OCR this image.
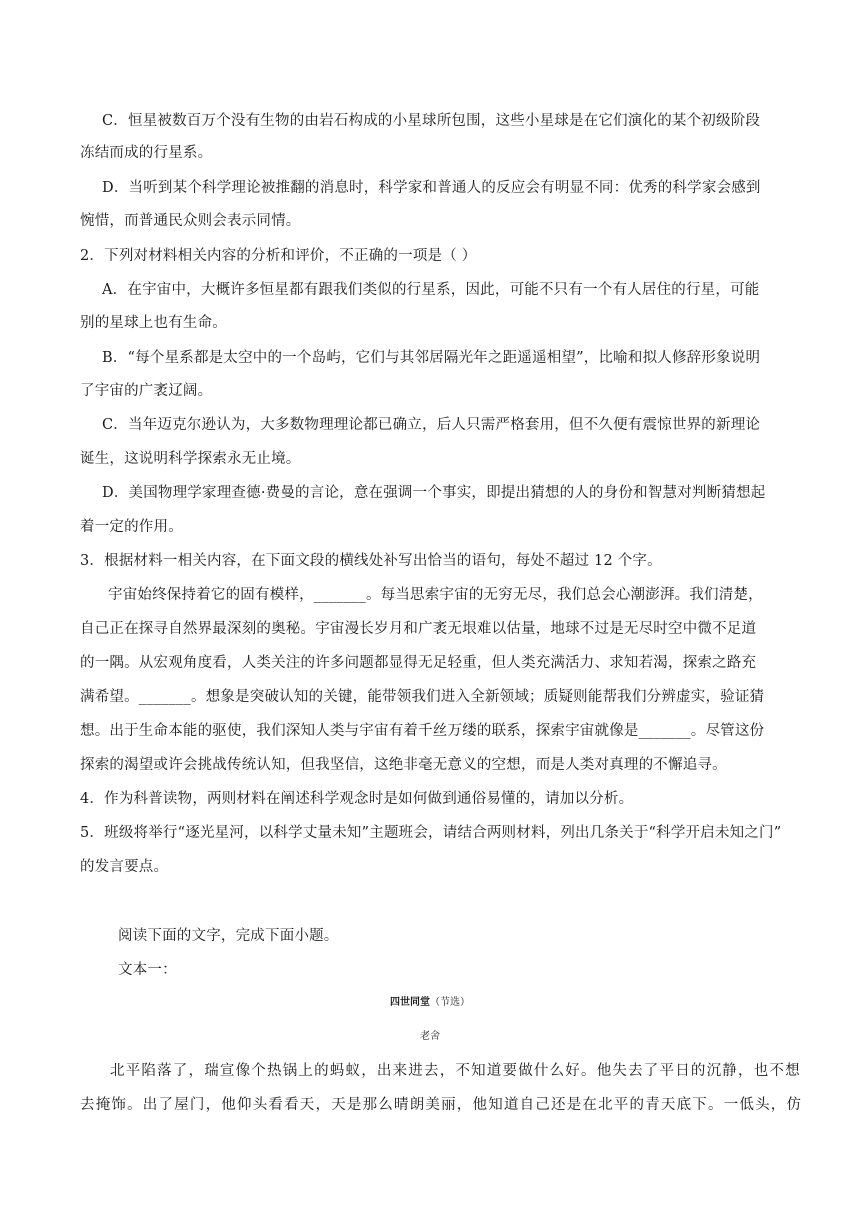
C．恒星被数百万个没有生物的由岩石构成的小星球所包围，这些小星球是在它们演化的某个初级阶段
冻结而成的行星系。
D．当听到某个科学理论被推翻的消息时，科学家和普通人的反应会有明显不同：优秀的科学家会感到
惋惜，而普通民众则会表示同情。
2．下列对材料相关内容的分析和评价，不正确的一项是（ ）
A．在宇宙中，大概许多恒星都有跟我们类似的行星系，因此，可能不只有一个有人居住的行星，可能
别的星球上也有生命。
B．“每个星系都是太空中的一个岛屿，它们与其邻居隔光年之距遥遥相望”，比喻和拟人修辞形象说明
了宇宙的广袤辽阔。
C．当年迈克尔逊认为，大多数物理理论都已确立，后人只需严格套用，但不久便有震惊世界的新理论
诞生，这说明科学探索永无止境。
D．美国物理学家理查德·费曼的言论，意在强调一个事实，即提出猜想的人的身份和智慧对判断猜想起
着一定的作用。
3．根据材料一相关内容，在下面文段的横线处补写出恰当的语句，每处不超过 12 个字。
宇宙始终保持着它的固有模样，_______。每当思索宇宙的无穷无尽，我们总会心潮澎湃。我们清楚，
自己正在探寻自然界最深刻的奥秘。宇宙漫长岁月和广袤无垠难以估量，地球不过是无尽时空中微不足道
的一隅。从宏观角度看，人类关注的许多问题都显得无足轻重，但人类充满活力、求知若渴，探索之路充
满希望。_______。想象是突破认知的关键，能带领我们进入全新领域；质疑则能帮我们分辨虚实，验证猜
想。出于生命本能的驱使，我们深知人类与宇宙有着千丝万缕的联系，探索宇宙就像是_______。尽管这份
探索的渴望或许会挑战传统认知，但我坚信，这绝非毫无意义的空想，而是人类对真理的不懈追寻。
4．作为科普读物，两则材料在阐述科学观念时是如何做到通俗易懂的，请加以分析。
5．班级将举行“逐光星河，以科学丈量未知”主题班会，请结合两则材料，列出几条关于“科学开启未知之门”
的发言要点。
阅读下面的文字，完成下面小题。
文本一：
四世同堂（节选）
老舍
北平陷落了，瑞宣像个热锅上的蚂蚁，出来进去，不知道要做什么好。他失去了平日的沉静，也不想
去掩饰。出了屋门，他仰头看看天，天是那么晴朗美丽，他知道自己还是在北平的青天底下。一低头，仿
